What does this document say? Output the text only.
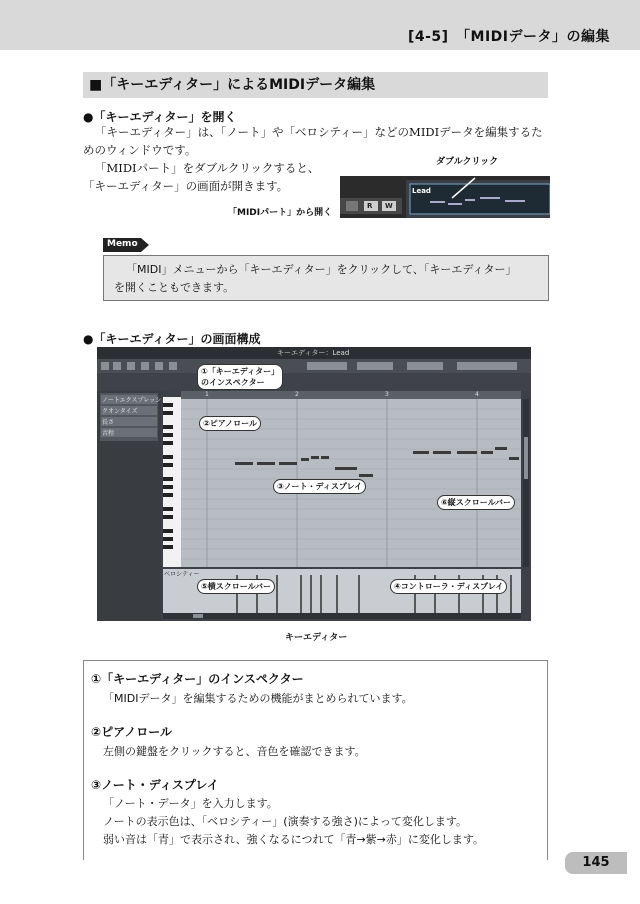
[4-5]　「MIDIデータ」の編集
■「キーエディター」によるMIDIデータ編集
●「キーエディター」を開く
「キーエディター」は、「ノート」や「ベロシティー」などのMIDIデータを編集するた
めのウィンドウです。
「MIDIパート」をダブルクリックすると、
「キーエディター」の画面が開きます。
「MIDIパート」から開く
ダブルクリック
Lead
R W
Memo
「MIDI」メニューから「キーエディター」をクリックして、「キーエディター」
を開くこともできます。
●「キーエディター」の画面構成
キーエディター：Lead
ノートエクスプレッション
クオンタイズ
長さ
音程
1	2	3	4
ベロシティー
①「キーエディター」
のインスペクター
②ピアノロール
③ノート・ディスプレイ
⑥縦スクロールバー
⑤横スクロールバー	④コントローラ・ディスプレイ
キーエディター
①「キーエディター」のインスペクター
「MIDIデータ」を編集するための機能がまとめられています。
②ピアノロール
左側の鍵盤をクリックすると、音色を確認できます。
③ノート・ディスプレイ
「ノート・データ」を入力します。
ノートの表示色は、「ベロシティー」(演奏する強さ)によって変化します。
弱い音は「青」で表示され、強くなるにつれて「青→紫→赤」に変化します。
145
